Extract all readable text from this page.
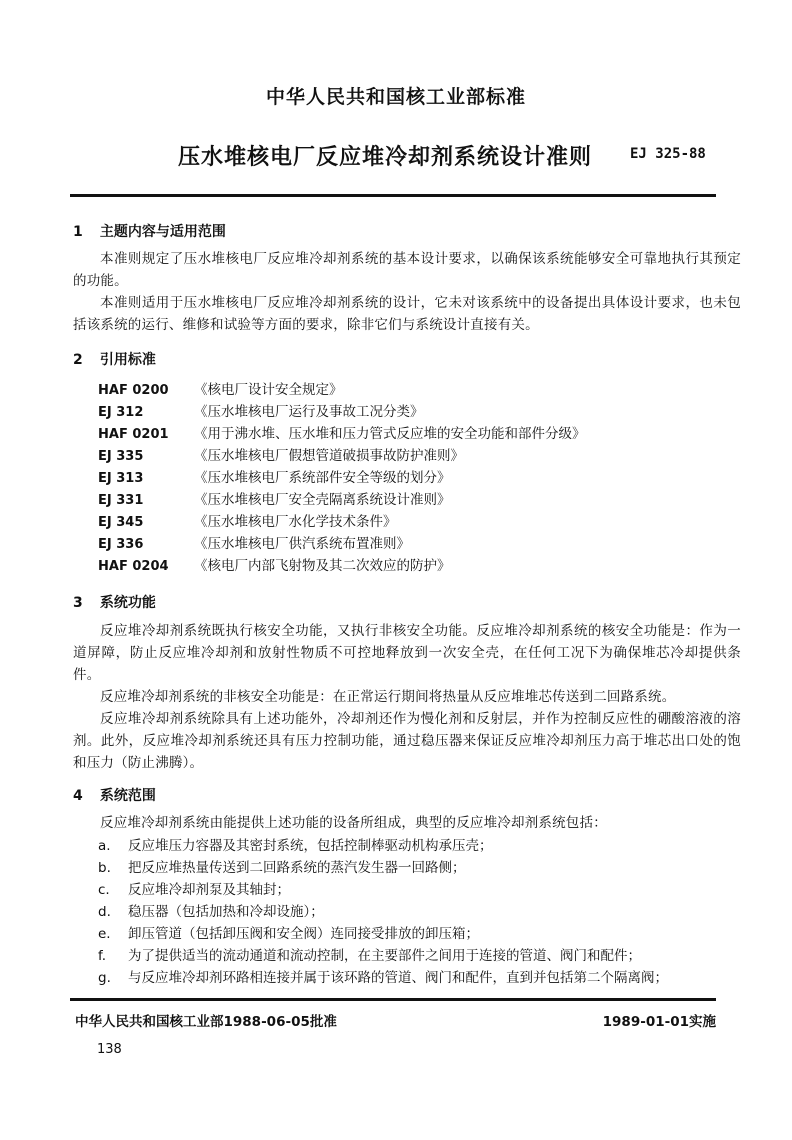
中华人民共和国核工业部标准
压水堆核电厂反应堆冷却剂系统设计准则	EJ 325-88
1 主题内容与适用范围
本准则规定了压水堆核电厂反应堆冷却剂系统的基本设计要求，以确保该系统能够安全可靠地执行其预定的功能。
本准则适用于压水堆核电厂反应堆冷却剂系统的设计，它未对该系统中的设备提出具体设计要求，也未包括该系统的运行、维修和试验等方面的要求，除非它们与系统设计直接有关。
2 引用标准
HAF 0200 《核电厂设计安全规定》
EJ 312	《压水堆核电厂运行及事故工况分类》
HAF 0201 《用于沸水堆、压水堆和压力管式反应堆的安全功能和部件分级》
EJ 335	《压水堆核电厂假想管道破损事故防护准则》
EJ 313	《压水堆核电厂系统部件安全等级的划分》
EJ 331	《压水堆核电厂安全壳隔离系统设计准则》
EJ 345	《压水堆核电厂水化学技术条件》
EJ 336	《压水堆核电厂供汽系统布置准则》
HAF 0204 《核电厂内部飞射物及其二次效应的防护》
3 系统功能
反应堆冷却剂系统既执行核安全功能，又执行非核安全功能。反应堆冷却剂系统的核安全功能是：作为一道屏障，防止反应堆冷却剂和放射性物质不可控地释放到一次安全壳，在任何工况下为确保堆芯冷却提供条件。
反应堆冷却剂系统的非核安全功能是：在正常运行期间将热量从反应堆堆芯传送到二回路系统。
反应堆冷却剂系统除具有上述功能外，冷却剂还作为慢化剂和反射层，并作为控制反应性的硼酸溶液的溶剂。此外，反应堆冷却剂系统还具有压力控制功能，通过稳压器来保证反应堆冷却剂压力高于堆芯出口处的饱和压力（防止沸腾）。
4 系统范围
反应堆冷却剂系统由能提供上述功能的设备所组成，典型的反应堆冷却剂系统包括：
a. 反应堆压力容器及其密封系统，包括控制棒驱动机构承压壳；
b. 把反应堆热量传送到二回路系统的蒸汽发生器一回路侧；
c. 反应堆冷却剂泵及其轴封；
d. 稳压器（包括加热和冷却设施）；
e. 卸压管道（包括卸压阀和安全阀）连同接受排放的卸压箱；
f. 为了提供适当的流动通道和流动控制，在主要部件之间用于连接的管道、阀门和配件；
g. 与反应堆冷却剂环路相连接并属于该环路的管道、阀门和配件，直到并包括第二个隔离阀；
中华人民共和国核工业部1988-06-05批准	1989-01-01实施
138
